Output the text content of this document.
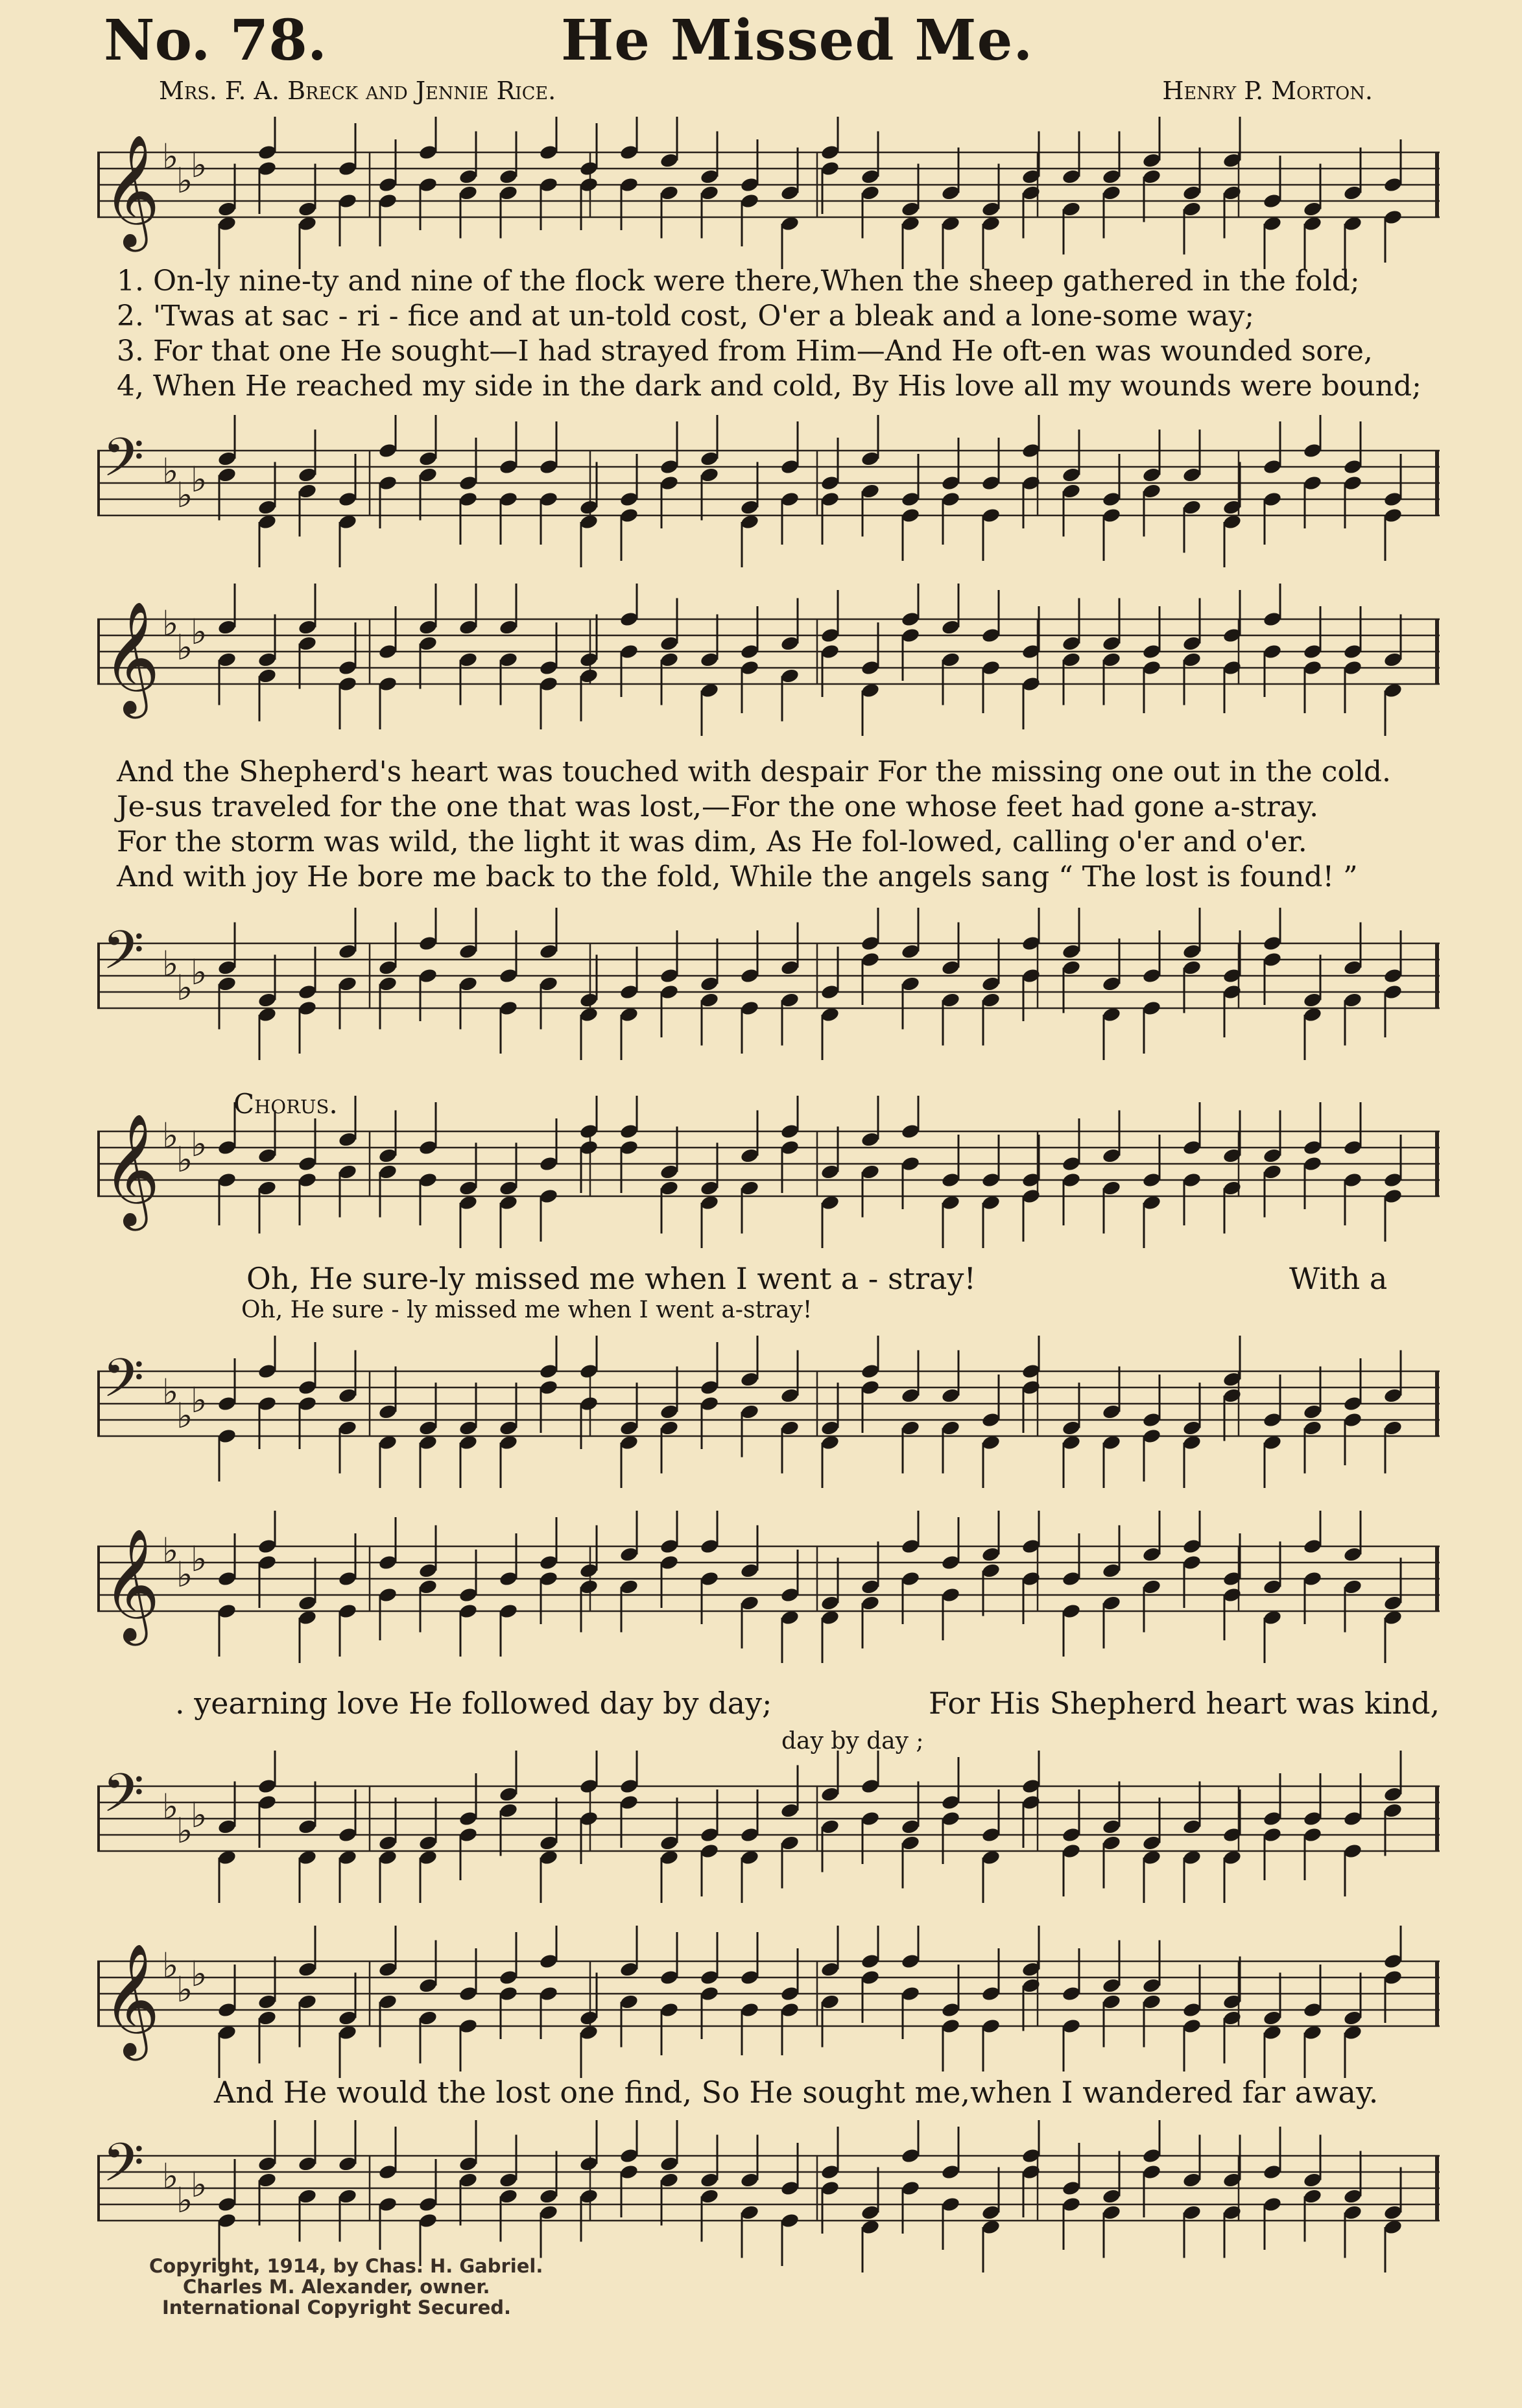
No. 78.	He Missed Me.
Mrs. F. A. Breck and Jennie Rice.	Henry P. Morton.
𝄞 ♭
♭
♭
1. On-ly nine-ty and nine of the flock were there,When the sheep gathered in the fold;
2. 'Twas at sac - ri - fice and at un-told cost, O'er a bleak and a lone-some way;
3. For that one He sought—I had strayed from Him—And He oft-en was wounded sore,
4, When He reached my side in the dark and cold, By His love all my wounds were bound;
𝄢 ♭
♭
♭
𝄞 ♭
♭
♭
And the Shepherd's heart was touched with despair For the missing one out in the cold.
Je-sus traveled for the one that was lost,—For the one whose feet had gone a-stray.
For the storm was wild, the light it was dim, As He fol-lowed, calling o'er and o'er.
And with joy He bore me back to the fold, While the angels sang “ The lost is found! ”
𝄢 ♭
♭
♭
Chorus.
𝄞 ♭
♭
♭
Oh, He sure-ly missed me when I went a - stray!	With a
Oh, He sure - ly missed me when I went a-stray!
𝄢 ♭
♭
♭
𝄞 ♭
♭
♭
. yearning love He followed day by day;	For His Shepherd heart was kind,
day by day ;
𝄢 ♭
♭
♭
𝄞 ♭
♭
♭
And He would the lost one find, So He sought me,when I wandered far away.
𝄢 ♭
♭
♭
Copyright, 1914, by Chas. H. Gabriel.
Charles M. Alexander, owner.
International Copyright Secured.
